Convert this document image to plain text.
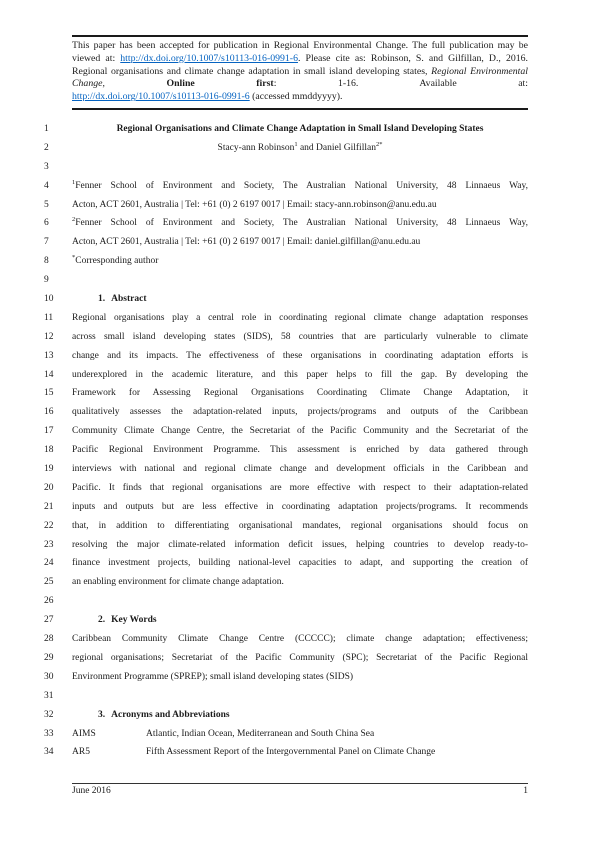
This paper has been accepted for publication in Regional Environmental Change. The full publication may be viewed at: http://dx.doi.org/10.1007/s10113-016-0991-6. Please cite as: Robinson, S. and Gilfillan, D., 2016. Regional organisations and climate change adaptation in small island developing states, Regional Environmental Change, Online first: 1-16. Available at:
http://dx.doi.org/10.1007/s10113-016-0991-6 (accessed mmddyyyy).
1	Regional Organisations and Climate Change Adaptation in Small Island Developing States
2	Stacy-ann Robinson$^1$ and Daniel Gilfillan$^{2*}$
3
4	$^1$Fenner School of Environment and Society, The Australian National University, 48 Linnaeus Way,
5	Acton, ACT 2601, Australia | Tel: +61 (0) 2 6197 0017 | Email: stacy-ann.robinson@anu.edu.au
6	$^2$Fenner School of Environment and Society, The Australian National University, 48 Linnaeus Way,
7	Acton, ACT 2601, Australia | Tel: +61 (0) 2 6197 0017 | Email: daniel.gilfillan@anu.edu.au
8	*Corresponding author
9
10	1. Abstract
11	Regional organisations play a central role in coordinating regional climate change adaptation responses
12	across small island developing states (SIDS), 58 countries that are particularly vulnerable to climate
13	change and its impacts. The effectiveness of these organisations in coordinating adaptation efforts is
14	underexplored in the academic literature, and this paper helps to fill the gap. By developing the
15	Framework for Assessing Regional Organisations Coordinating Climate Change Adaptation, it
16	qualitatively assesses the adaptation-related inputs, projects/programs and outputs of the Caribbean
17	Community Climate Change Centre, the Secretariat of the Pacific Community and the Secretariat of the
18	Pacific Regional Environment Programme. This assessment is enriched by data gathered through
19	interviews with national and regional climate change and development officials in the Caribbean and
20	Pacific. It finds that regional organisations are more effective with respect to their adaptation-related
21	inputs and outputs but are less effective in coordinating adaptation projects/programs. It recommends
22	that, in addition to differentiating organisational mandates, regional organisations should focus on
23	resolving the major climate-related information deficit issues, helping countries to develop ready-to-
24	finance investment projects, building national-level capacities to adapt, and supporting the creation of
25	an enabling environment for climate change adaptation.
26
27	2. Key Words
28	Caribbean Community Climate Change Centre (CCCCC); climate change adaptation; effectiveness;
29	regional organisations; Secretariat of the Pacific Community (SPC); Secretariat of the Pacific Regional
30	Environment Programme (SPREP); small island developing states (SIDS)
31
32	3. Acronyms and Abbreviations
33	AIMS	Atlantic, Indian Ocean, Mediterranean and South China Sea
34	AR5	Fifth Assessment Report of the Intergovernmental Panel on Climate Change
June 2016	1
